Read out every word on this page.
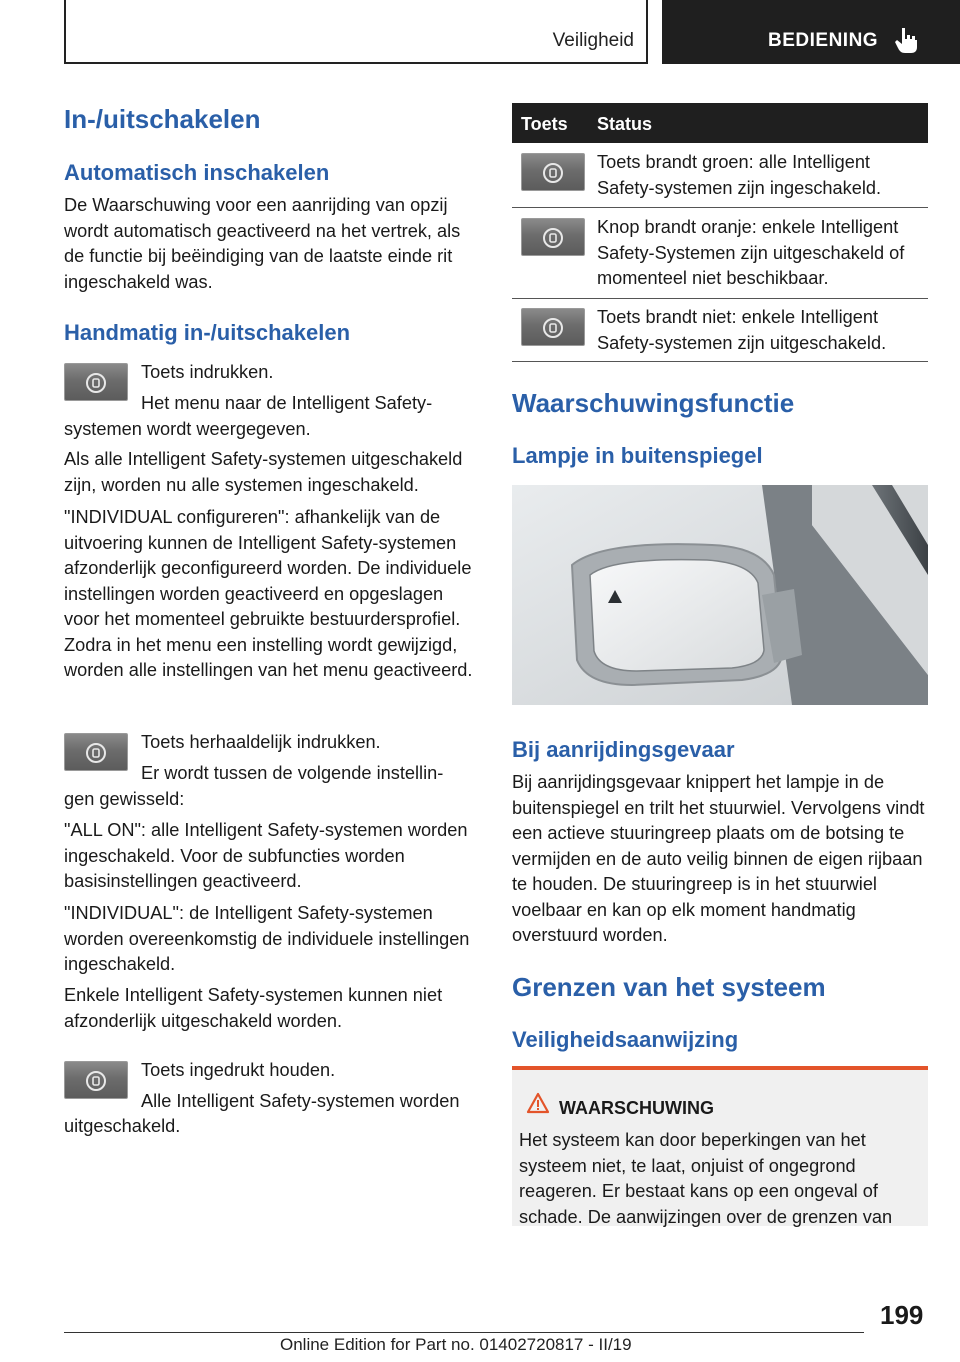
Veiligheid	BEDIENING
In-/uitschakelen
Automatisch inschakelen

De Waarschuwing voor een aanrijding van opzij wordt automatisch geactiveerd na het vertrek, als de functie bij beëindiging van de laatste einde rit ingeschakeld was.

Handmatig in-/uitschakelen

Toets indrukken.

Het menu naar de Intelligent Safety-

systemen wordt weergegeven.

Als alle Intelligent Safety-systemen uitgeschakeld zijn, worden nu alle systemen ingeschakeld.

"INDIVIDUAL configureren": afhankelijk van de uitvoering kunnen de Intelligent Safety-systemen afzonderlijk geconfigureerd worden. De individuele instellingen worden geactiveerd en opgeslagen voor het momenteel gebruikte bestuurdersprofiel. Zodra in het menu een instelling wordt gewijzigd, worden alle instellingen van het menu geactiveerd.

Toets herhaaldelijk indrukken.

Er wordt tussen de volgende instellin-

gen gewisseld:

"ALL ON": alle Intelligent Safety-systemen worden ingeschakeld. Voor de subfuncties worden basisinstellingen geactiveerd.

"INDIVIDUAL": de Intelligent Safety-systemen worden overeenkomstig de individuele instellingen ingeschakeld.

Enkele Intelligent Safety-systemen kunnen niet afzonderlijk uitgeschakeld worden.

Toets ingedrukt houden.

Alle Intelligent Safety-systemen worden

uitgeschakeld.

Toets Status

Toets brandt groen: alle Intelligent Safety-systemen zijn ingeschakeld.

Knop brandt oranje: enkele Intelligent Safety-Systemen zijn uitgeschakeld of momenteel niet beschikbaar.

Toets brandt niet: enkele Intelligent Safety-systemen zijn uitgeschakeld.

Waarschuwingsfunctie
Lampje in buitenspiegel
Bij aanrijdingsgevaar

Bij aanrijdingsgevaar knippert het lampje in de buitenspiegel en trilt het stuurwiel. Vervolgens vindt een actieve stuuringreep plaats om de botsing te vermijden en de auto veilig binnen de eigen rijbaan te houden. De stuuringreep is in het stuurwiel voelbaar en kan op elk moment handmatig overstuurd worden.

Grenzen van het systeem
Veiligheidsaanwijzing
WAARSCHUWING

Het systeem kan door beperkingen van het systeem niet, te laat, onjuist of ongegrond reageren. Er bestaat kans op een ongeval of schade. De aanwijzingen over de grenzen van

199
Online Edition for Part no. 01402720817 - II/19
